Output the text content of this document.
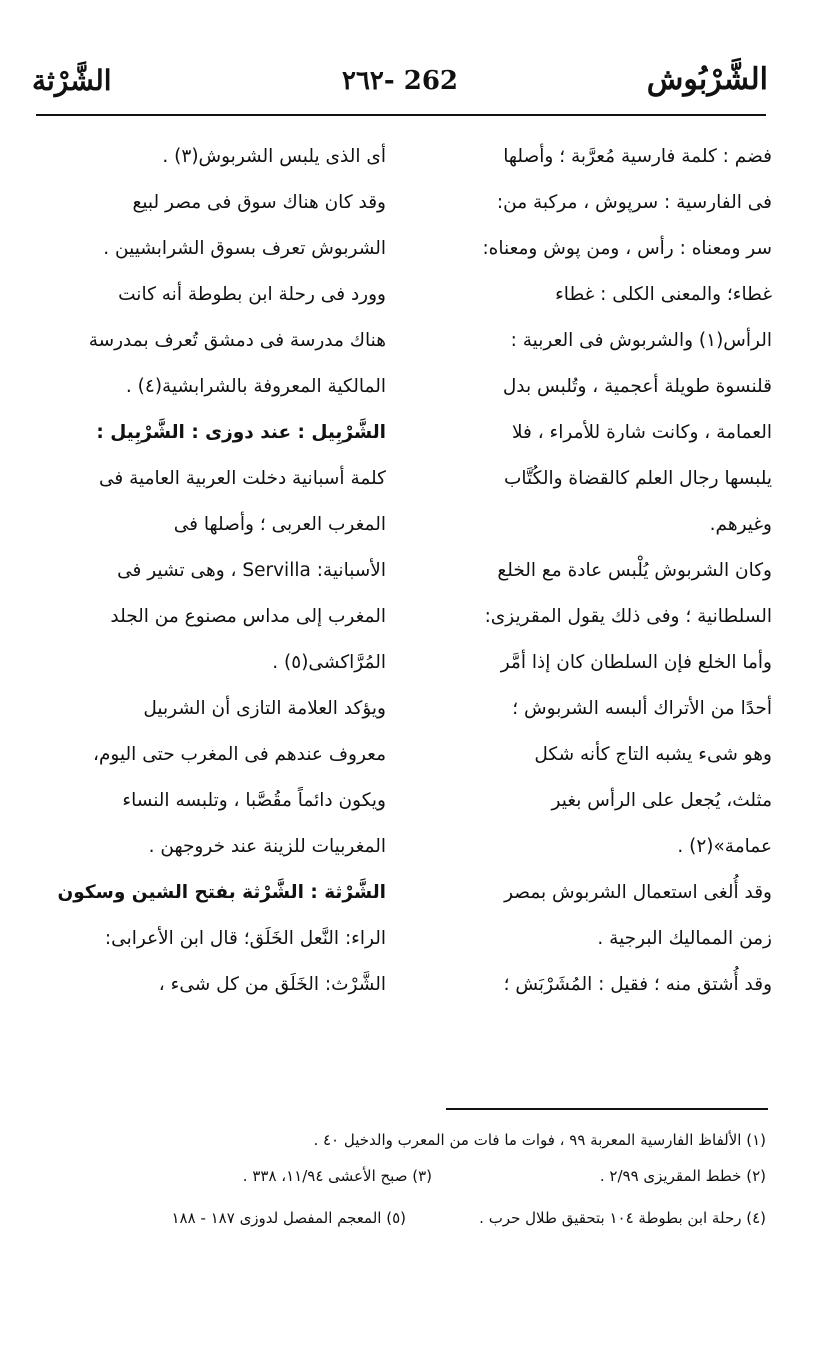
الشَّرْبُوش
٢٦٢- 262
الشَّرْثة
فضم : كلمة فارسية مُعرَّبة ؛ وأصلها
فى الفارسية : سرپوش ، مركبة من:
سر ومعناه : رأس ، ومن پوش ومعناه:
غطاء؛ والمعنى الكلى : غطاء
الرأس(١) والشربوش فى العربية :
قلنسوة طويلة أعجمية ، وتُلبس بدل
العمامة ، وكانت شارة للأمراء ، فلا
يلبسها رجال العلم كالقضاة والكُتَّاب
وغيرهم.
وكان الشربوش يُلْبس عادة مع الخلع
السلطانية ؛ وفى ذلك يقول المقريزى:
وأما الخلع فإن السلطان كان إذا أمَّر
أحدًا من الأتراك ألبسه الشربوش ؛
وهو شىء يشبه التاج كأنه شكل
مثلث، يُجعل على الرأس بغير
عمامة»(٢) .
وقد أُلغى استعمال الشربوش بمصر
زمن المماليك البرجية .
وقد أُشتق منه ؛ فقيل : المُشَرْبَش ؛
أى الذى يلبس الشربوش(٣) .
وقد كان هناك سوق فى مصر لبيع
الشربوش تعرف بسوق الشرابشيين .
وورد فى رحلة ابن بطوطة أنه كانت
هناك مدرسة فى دمشق تُعرف بمدرسة
المالكية المعروفة بالشرابشية(٤) .
الشَّرْبِيل : عند دوزى : الشَّرْبِيل :
كلمة أسبانية دخلت العربية العامية فى
المغرب العربى ؛ وأصلها فى
الأسبانية: Servilla ، وهى تشير فى
المغرب إلى مداس مصنوع من الجلد
المُرَّاكشى(٥) .
ويؤكد العلامة التازى أن الشربيل
معروف عندهم فى المغرب حتى اليوم،
ويكون دائماً مقُصَّبا ، وتلبسه النساء
المغربيات للزينة عند خروجهن .
الشَّرْثة : الشَّرْثة بفتح الشين وسكون
الراء: النَّعل الخَلَق؛ قال ابن الأعرابى:
الشَّرْث: الخَلَق من كل شىء ،
(١) الألفاظ الفارسية المعربة ٩٩ ، فوات ما فات من المعرب والدخيل ٤٠ .
(٢) خطط المقريزى ٢/٩٩ .
(٣) صبح الأعشى ١١/٩٤، ٣٣٨ .
(٤) رحلة ابن بطوطة ١٠٤ بتحقيق طلال حرب .
(٥) المعجم المفصل لدوزى ١٨٧ - ١٨٨
